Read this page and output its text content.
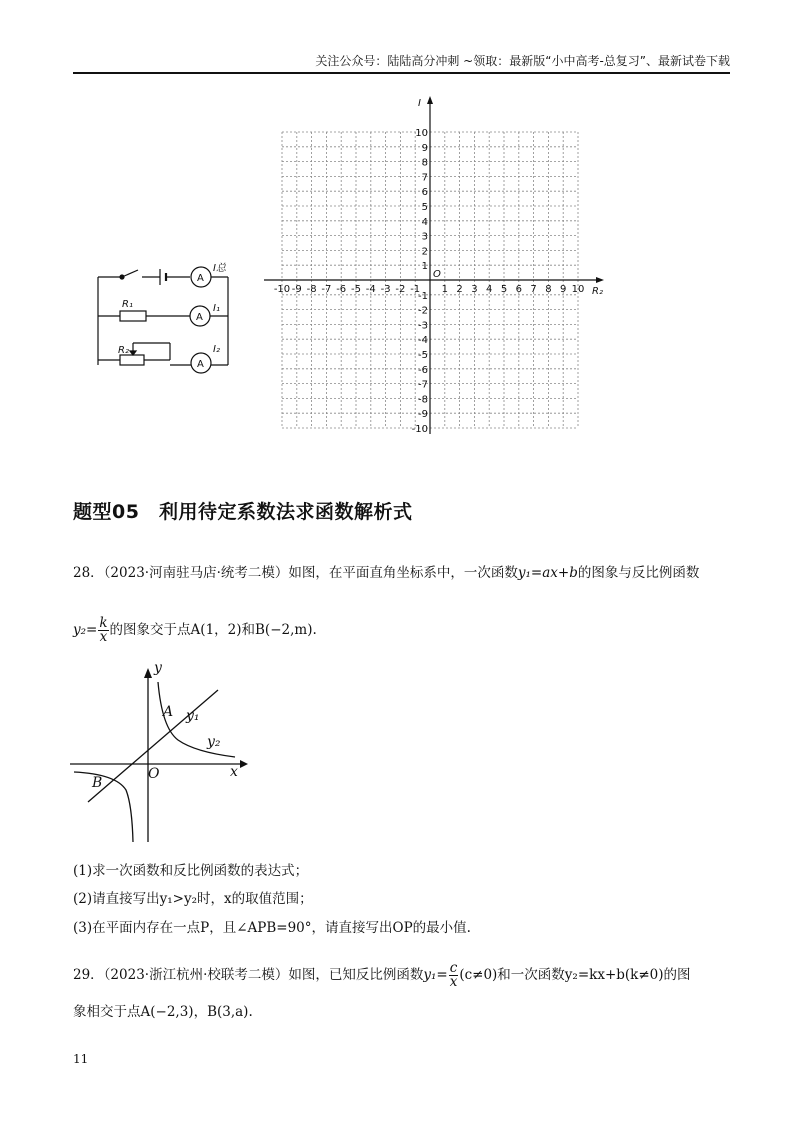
关注公众号：陆陆高分冲刺 ~领取：最新版“小中高考-总复习”、最新试卷下载
A
A
A
I总
R₁	I₁
R₂	I₂
-10 -9 -8 -7 -6 -5 -4 -3 -2 -1 1 2 3 4 5 6 7 8 9 10
10
9
8
7
6
5
4
3
2
1
-1
-2
-3
-4
-5
-6
-7
-8
-9
-10
R₂
I
O
题型05　利用待定系数法求函数解析式
28．（2023·河南驻马店·统考二模）如图，在平面直角坐标系中，一次函数y₁=ax+b的图象与反比例函数
$y_2= \frac{k}{x}$ 的图象交于点A(1，2)和B(−2,m).
y
x
O
A
B
y₁
y₂
(1)求一次函数和反比例函数的表达式；
(2)请直接写出y₁>y₂时，x的取值范围；
(3)在平面内存在一点P，且∠APB=90°，请直接写出OP的最小值.
29．（2023·浙江杭州·校联考二模）如图，已知反比例函数$y_1= \frac{c}{x} (c\ne 0)$和一次函数y₂=kx+b(k≠0)的图
象相交于点A(−2,3)，B(3,a).
11
